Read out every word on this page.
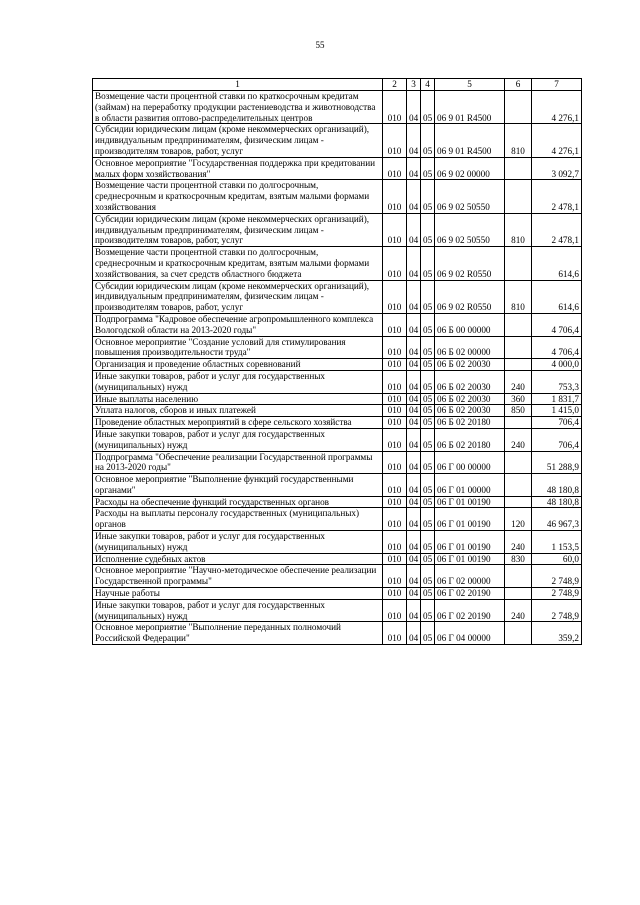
55
1	2	3	4	5	6	7
Возмещение части процентной ставки по краткосрочным кредитам (займам) на переработку продукции растениеводства и животноводства в области развития оптово-распределительных центров	010	04	05	06 9 01 R4500		4 276,1
Субсидии юридическим лицам (кроме некоммерческих организаций), индивидуальным предпринимателям, физическим лицам - производителям товаров, работ, услуг	010	04	05	06 9 01 R4500	810	4 276,1
Основное мероприятие "Государственная поддержка при кредитовании малых форм хозяйствования"	010	04	05	06 9 02 00000		3 092,7
Возмещение части процентной ставки по долгосрочным, среднесрочным и краткосрочным кредитам, взятым малыми формами хозяйствования	010	04	05	06 9 02 50550		2 478,1
Субсидии юридическим лицам (кроме некоммерческих организаций), индивидуальным предпринимателям, физическим лицам - производителям товаров, работ, услуг	010	04	05	06 9 02 50550	810	2 478,1
Возмещение части процентной ставки по долгосрочным, среднесрочным и краткосрочным кредитам, взятым малыми формами хозяйствования, за счет средств областного бюджета	010	04	05	06 9 02 R0550		614,6
Субсидии юридическим лицам (кроме некоммерческих организаций), индивидуальным предпринимателям, физическим лицам - производителям товаров, работ, услуг	010	04	05	06 9 02 R0550	810	614,6
Подпрограмма "Кадровое обеспечение агропромышленного комплекса Вологодской области на 2013-2020 годы"	010	04	05	06 Б 00 00000		4 706,4
Основное мероприятие "Создание условий для стимулирования повышения производительности труда"	010	04	05	06 Б 02 00000		4 706,4
Организация и проведение областных соревнований	010	04	05	06 Б 02 20030		4 000,0
Иные закупки товаров, работ и услуг для государственных (муниципальных) нужд	010	04	05	06 Б 02 20030	240	753,3
Иные выплаты населению	010	04	05	06 Б 02 20030	360	1 831,7
Уплата налогов, сборов и иных платежей	010	04	05	06 Б 02 20030	850	1 415,0
Проведение областных мероприятий в сфере сельского хозяйства	010	04	05	06 Б 02 20180		706,4
Иные закупки товаров, работ и услуг для государственных (муниципальных) нужд	010	04	05	06 Б 02 20180	240	706,4
Подпрограмма "Обеспечение реализации Государственной программы на 2013-2020 годы"	010	04	05	06 Г 00 00000		51 288,9
Основное мероприятие "Выполнение функций государственными органами"	010	04	05	06 Г 01 00000		48 180,8
Расходы на обеспечение функций государственных органов	010	04	05	06 Г 01 00190		48 180,8
Расходы на выплаты персоналу государственных (муниципальных) органов	010	04	05	06 Г 01 00190	120	46 967,3
Иные закупки товаров, работ и услуг для государственных (муниципальных) нужд	010	04	05	06 Г 01 00190	240	1 153,5
Исполнение судебных актов	010	04	05	06 Г 01 00190	830	60,0
Основное мероприятие "Научно-методическое обеспечение реализации Государственной программы"	010	04	05	06 Г 02 00000		2 748,9
Научные работы	010	04	05	06 Г 02 20190		2 748,9
Иные закупки товаров, работ и услуг для государственных (муниципальных) нужд	010	04	05	06 Г 02 20190	240	2 748,9
Основное мероприятие "Выполнение переданных полномочий Российской Федерации"	010	04	05	06 Г 04 00000		359,2
